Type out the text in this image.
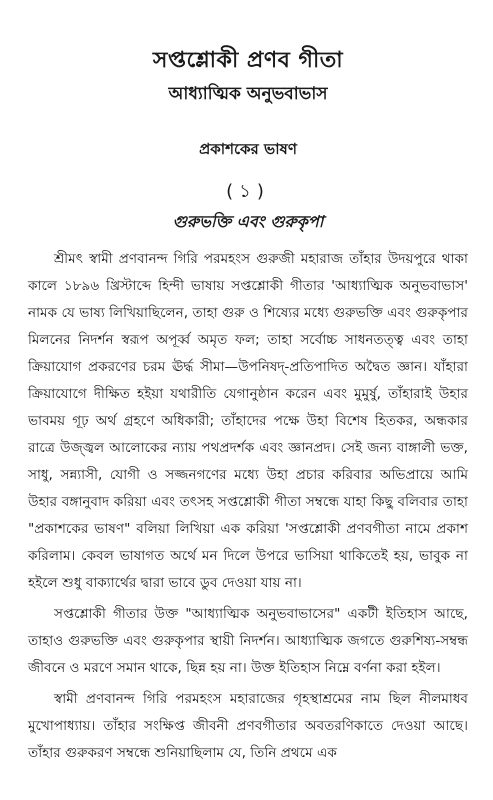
সপ্তশ্লোকী প্রণব গীতা
আধ্যাত্মিক অনুভবাভাস
প্রকাশকের ভাষণ
(১)
গুরুভক্তি এবং গুরুকৃপা

শ্রীমৎ স্বামী প্রণবানন্দ গিরি পরমহংস গুরুজী মহারাজ তাঁহার উদয়পুরে থাকা কালে ১৮৯৬ খ্রিস্টাব্দে হিন্দী ভাষায় সপ্তশ্লোকী গীতার 'আধ্যাত্মিক অনুভবাভাস' নামক যে ভাষ্য লিখিয়াছিলেন, তাহা গুরু ও শিষ্যের মধ্যে গুরুভক্তি এবং গুরুকৃপার মিলনের নিদর্শন স্বরূপ অপূর্ব্ব অমৃত ফল; তাহা সর্বোচ্চ সাধনতত্ত্ব এবং তাহা ক্রিয়াযোগ প্রকরণের চরম ঊর্দ্ধ সীমা—উপনিষদ্-প্রতিপাদিত অদ্বৈত জ্ঞান। যাঁহারা ক্রিয়াযোগে দীক্ষিত হইয়া যথারীতি যেগানুষ্ঠান করেন এবং মুমুর্ষু, তাঁহারাই উহার ভাবময় গূঢ় অর্থ গ্রহণে অধিকারী; তাঁহাদের পক্ষে উহা বিশেষ হিতকর, অন্ধকার রাত্রে উজ্জ্বল আলোকের ন্যায় পথপ্রদর্শক এবং জ্ঞানপ্রদ। সেই জন্য বাঙ্গালী ভক্ত, সাধু, সন্ন্যাসী, যোগী ও সজ্জনগণের মধ্যে উহা প্রচার করিবার অভিপ্রায়ে আমি উহার বঙ্গানুবাদ করিয়া এবং তৎসহ সপ্তশ্লোকী গীতা সম্বন্ধে যাহা কিছু বলিবার তাহা "প্রকাশকের ভাষণ" বলিয়া লিখিয়া এক করিয়া 'সপ্তশ্লোকী প্রণবগীতা নামে প্রকাশ করিলাম। কেবল ভাষাগত অর্থে মন দিলে উপরে ভাসিয়া থাকিতেই হয়, ভাবুক না হইলে শুধু বাক্যার্থের দ্বারা ভাবে ডুব দেওয়া যায় না।

সপ্তশ্লোকী গীতার উক্ত "আধ্যাত্মিক অনুভবাভাসের" একটী ইতিহাস আছে, তাহাও গুরুভক্তি এবং গুরুকৃপার স্থায়ী নিদর্শন। আধ্যাত্মিক জগতে গুরুশিষ্য-সম্বন্ধ জীবনে ও মরণে সমান থাকে, ছিন্ন হয় না। উক্ত ইতিহাস নিম্নে বর্ণনা করা হইল।

স্বামী প্রণবানন্দ গিরি পরমহংস মহারাজের গৃহস্থাশ্রমের নাম ছিল নীলমাধব মুখোপাধ্যায়। তাঁহার সংক্ষিপ্ত জীবনী প্রণবগীতার অবতরণিকাতে দেওয়া আছে। তাঁহার গুরুকরণ সম্বন্ধে শুনিয়াছিলাম যে, তিনি প্রথমে এক
